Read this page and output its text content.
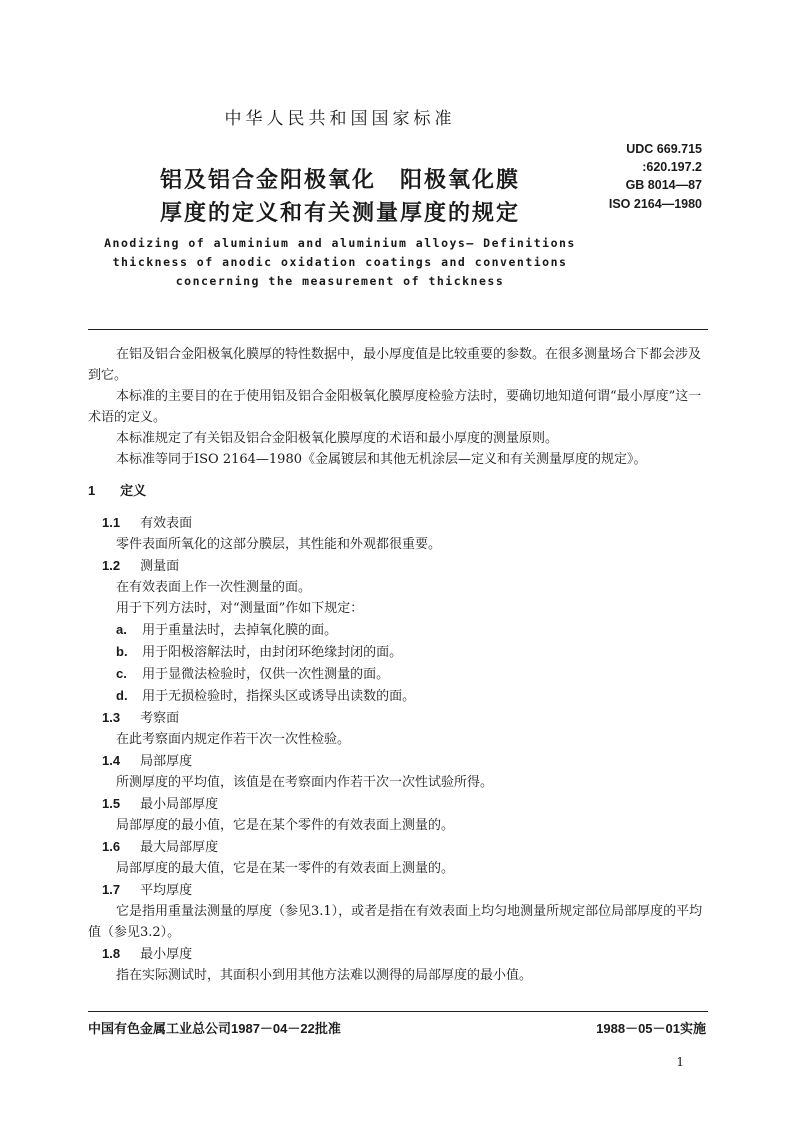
中华人民共和国国家标准
铝及铝合金阳极氧化　阳极氧化膜
厚度的定义和有关测量厚度的规定
Anodizing of aluminium and aluminium alloys— Definitions
thickness of anodic oxidation coatings and conventions
concerning the measurement of thickness
UDC 669.715
:620.197.2
GB 8014—87
ISO 2164—1980

在铝及铝合金阳极氧化膜厚的特性数据中，最小厚度值是比较重要的参数。在很多测量场合下都会涉及到它。

本标准的主要目的在于使用铝及铝合金阳极氧化膜厚度检验方法时，要确切地知道何谓“最小厚度”这一术语的定义。

本标准规定了有关铝及铝合金阳极氧化膜厚度的术语和最小厚度的测量原则。

本标准等同于ISO 2164—1980《金属镀层和其他无机涂层—定义和有关测量厚度的规定》。

1 定义
1.1 有效表面
零件表面所氧化的这部分膜层，其性能和外观都很重要。
1.2 测量面
在有效表面上作一次性测量的面。
用于下列方法时，对“测量面”作如下规定：
a. 用于重量法时，去掉氧化膜的面。
b. 用于阳极溶解法时，由封闭环绝缘封闭的面。
c. 用于显微法检验时，仅供一次性测量的面。
d. 用于无损检验时，指探头区或诱导出读数的面。
1.3 考察面
在此考察面内规定作若干次一次性检验。
1.4 局部厚度
所测厚度的平均值，该值是在考察面内作若干次一次性试验所得。
1.5 最小局部厚度
局部厚度的最小值，它是在某个零件的有效表面上测量的。
1.6 最大局部厚度
局部厚度的最大值，它是在某一零件的有效表面上测量的。
1.7 平均厚度

它是指用重量法测量的厚度（参见3.1），或者是指在有效表面上均匀地测量所规定部位局部厚度的平均值（参见3.2）。

1.8 最小厚度
指在实际测试时，其面积小到用其他方法难以测得的局部厚度的最小值。
中国有色金属工业总公司1987－04－22批准	1988－05－01实施
1
